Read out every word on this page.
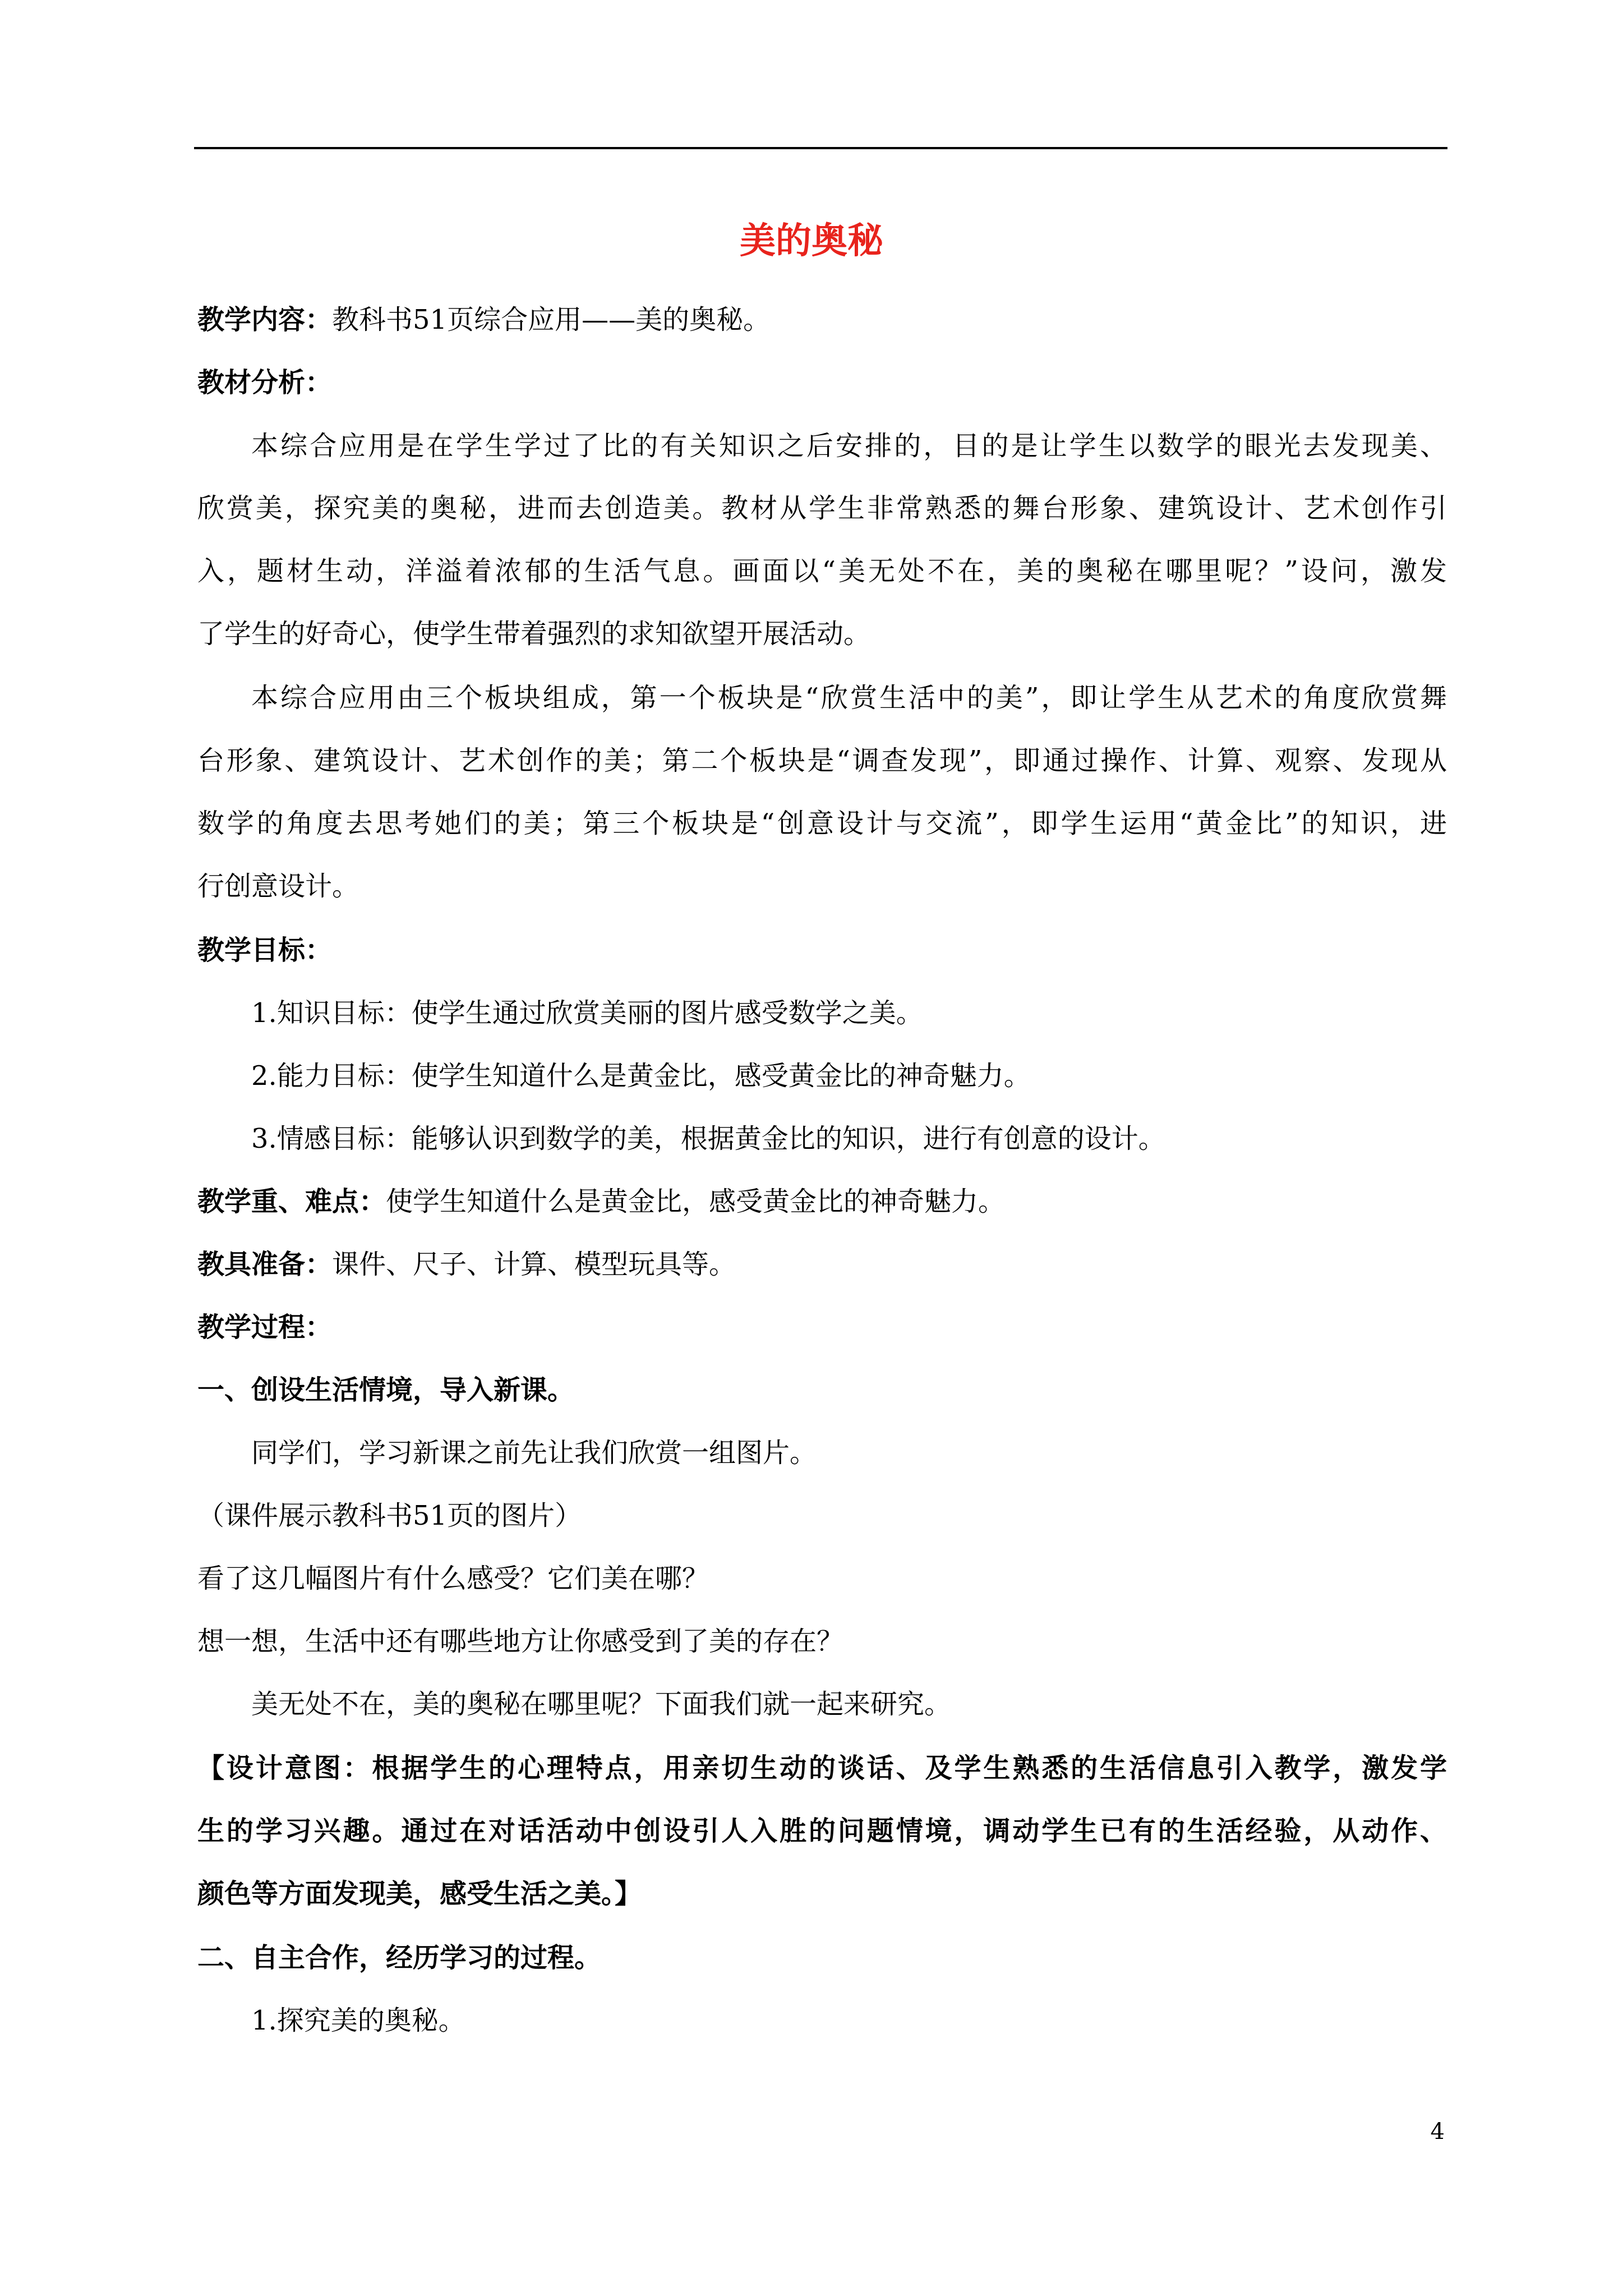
美的奥秘
教学内容：教科书51页综合应用——美的奥秘。
教材分析：
本综合应用是在学生学过了比的有关知识之后安排的，目的是让学生以数学的眼光去发现美、
欣赏美，探究美的奥秘，进而去创造美。教材从学生非常熟悉的舞台形象、建筑设计、艺术创作引
入，题材生动，洋溢着浓郁的生活气息。画面以“美无处不在，美的奥秘在哪里呢？”设问，激发
了学生的好奇心，使学生带着强烈的求知欲望开展活动。
本综合应用由三个板块组成，第一个板块是“欣赏生活中的美”，即让学生从艺术的角度欣赏舞
台形象、建筑设计、艺术创作的美；第二个板块是“调查发现”，即通过操作、计算、观察、发现从
数学的角度去思考她们的美；第三个板块是“创意设计与交流”，即学生运用“黄金比”的知识，进
行创意设计。
教学目标：
1.知识目标：使学生通过欣赏美丽的图片感受数学之美。
2.能力目标：使学生知道什么是黄金比，感受黄金比的神奇魅力。
3.情感目标：能够认识到数学的美，根据黄金比的知识，进行有创意的设计。
教学重、难点：使学生知道什么是黄金比，感受黄金比的神奇魅力。
教具准备：课件、尺子、计算、模型玩具等。
教学过程：
一、创设生活情境，导入新课。
同学们，学习新课之前先让我们欣赏一组图片。
（课件展示教科书51页的图片）
看了这几幅图片有什么感受？它们美在哪？
想一想，生活中还有哪些地方让你感受到了美的存在？
美无处不在，美的奥秘在哪里呢？下面我们就一起来研究。
【设计意图：根据学生的心理特点，用亲切生动的谈话、及学生熟悉的生活信息引入教学，激发学
生的学习兴趣。通过在对话活动中创设引人入胜的问题情境，调动学生已有的生活经验，从动作、
颜色等方面发现美，感受生活之美。】
二、自主合作，经历学习的过程。
1.探究美的奥秘。
4
